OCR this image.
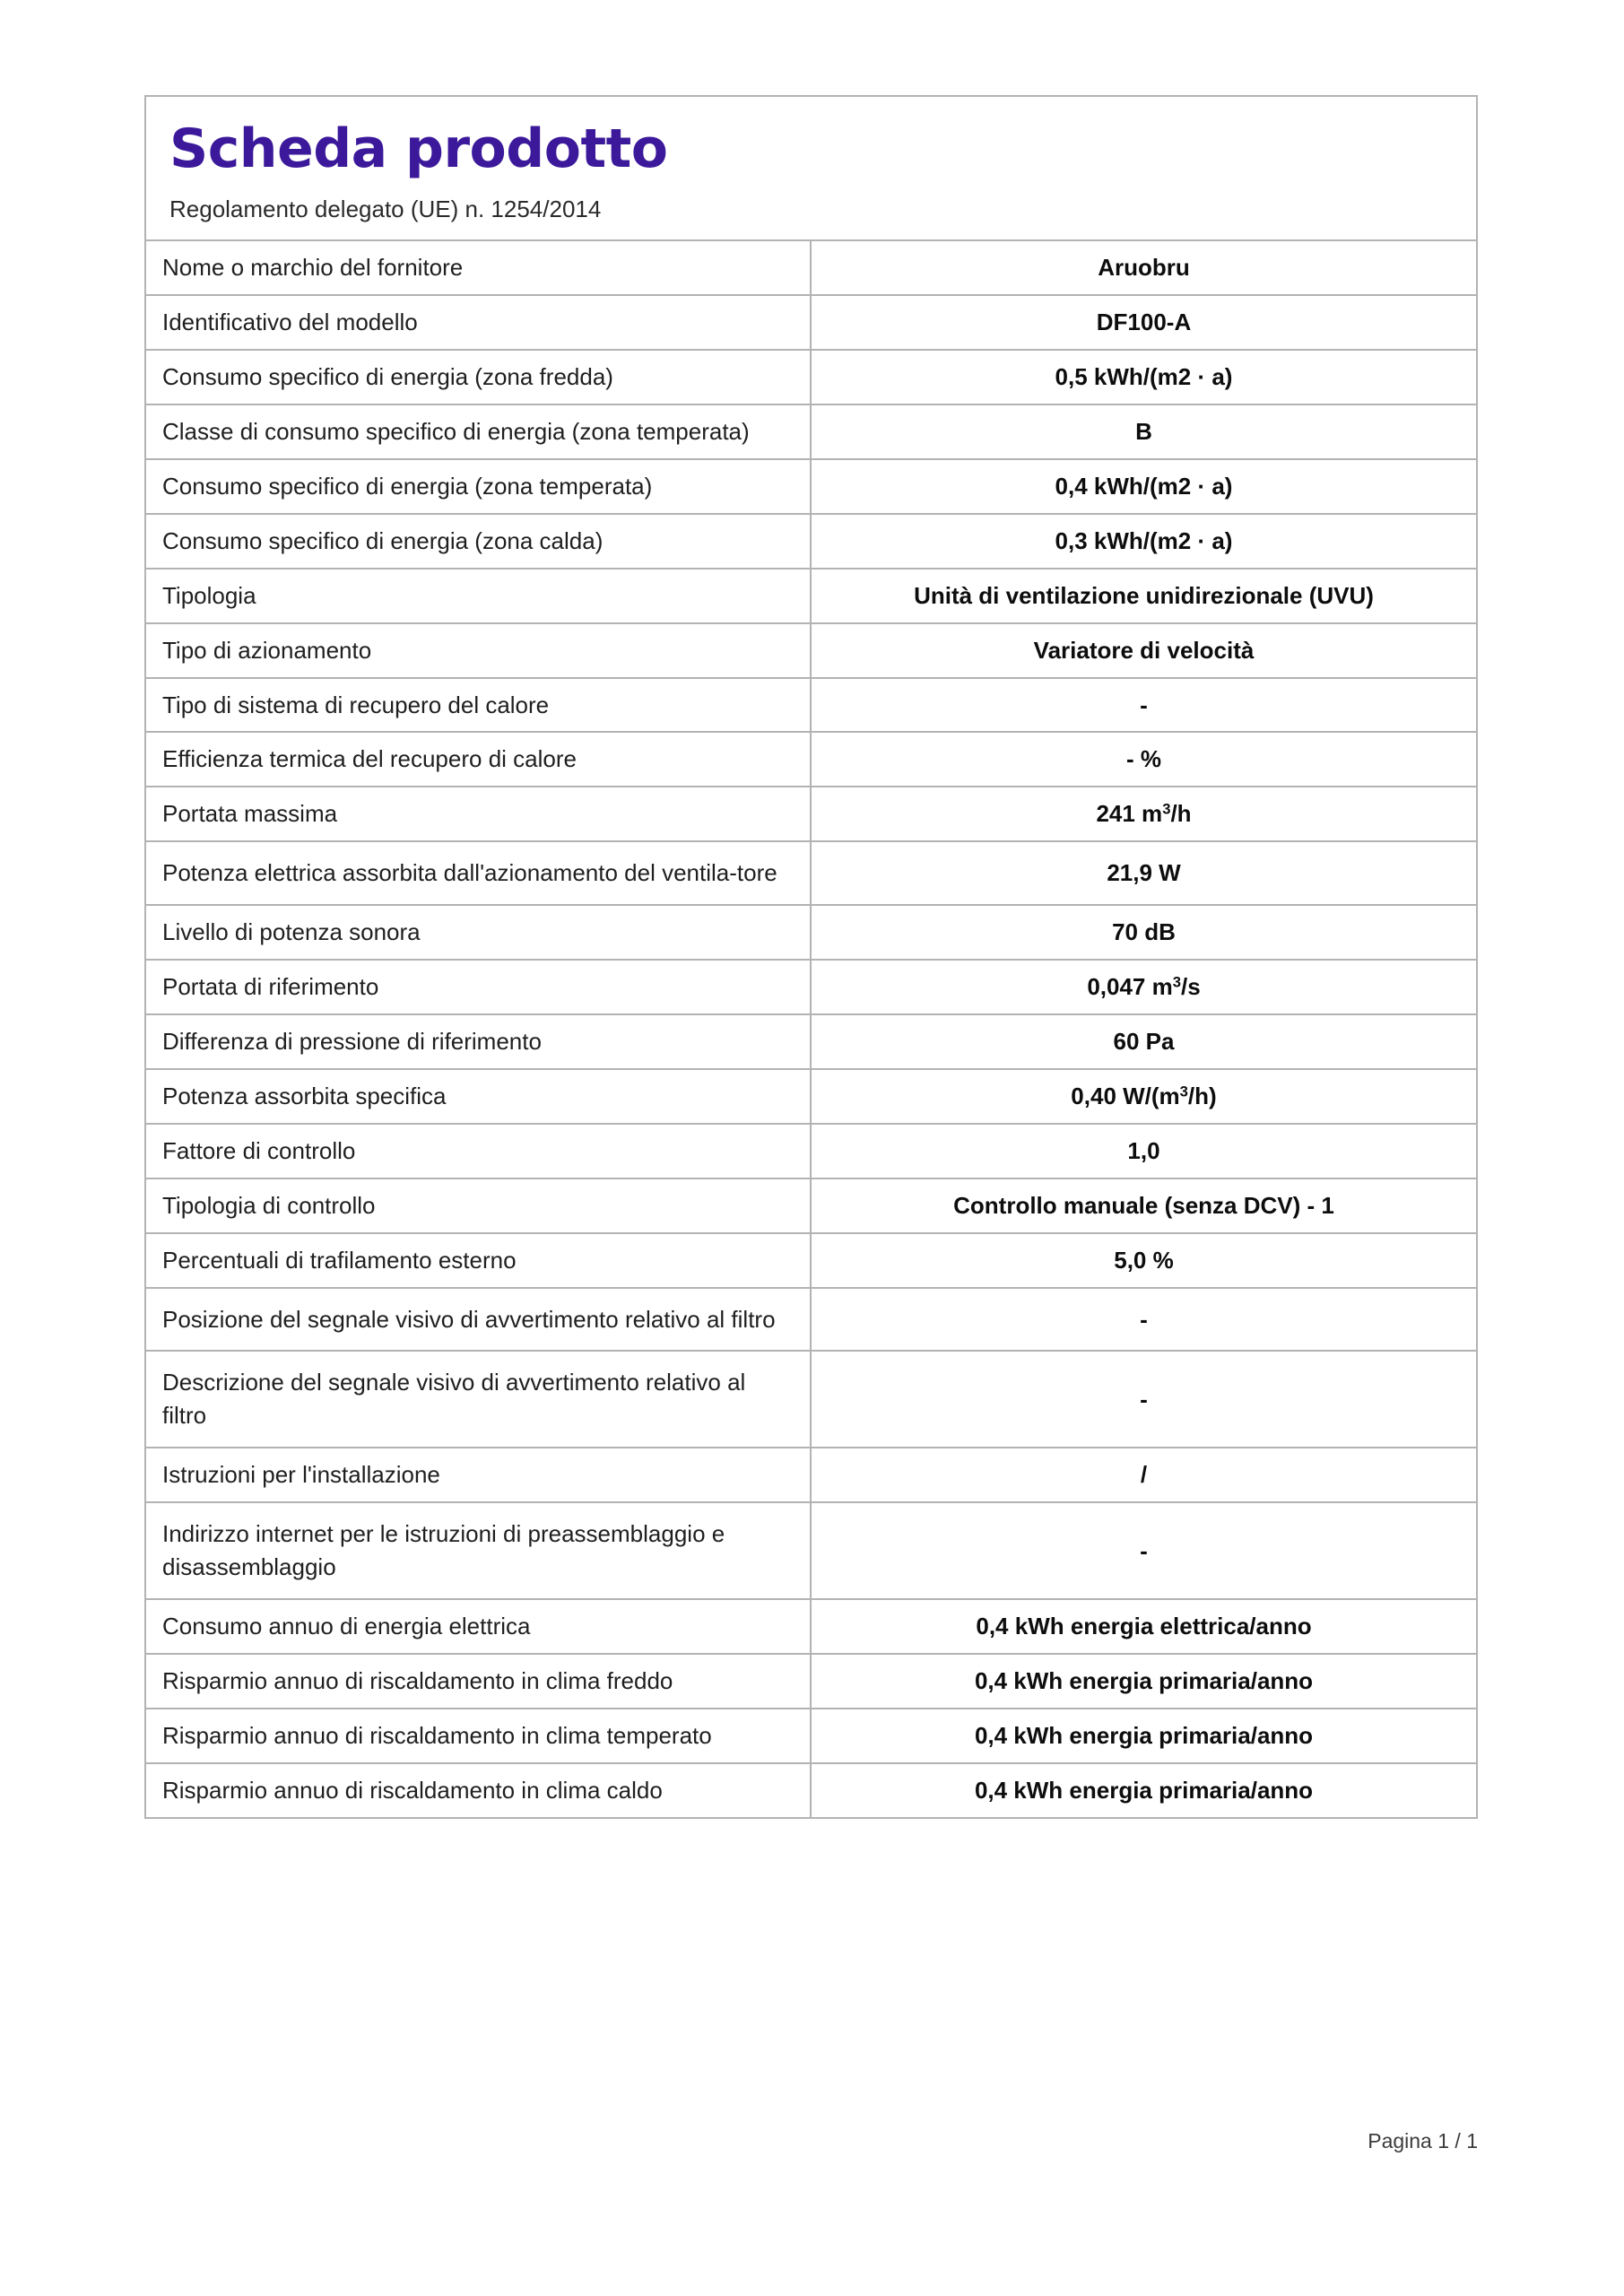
Scheda prodotto

Regolamento delegato (UE) n. 1254/2014

Nome o marchio del fornitore	Aruobru
Identificativo del modello	DF100-A
Consumo specifico di energia (zona fredda)	0,5 kWh/(m2 · a)
Classe di consumo specifico di energia (zona temperata)	B
Consumo specifico di energia (zona temperata)	0,4 kWh/(m2 · a)
Consumo specifico di energia (zona calda)	0,3 kWh/(m2 · a)
Tipologia	Unità di ventilazione unidirezionale (UVU)
Tipo di azionamento	Variatore di velocità
Tipo di sistema di recupero del calore	-
Efficienza termica del recupero di calore	- %
Portata massima	241 $m^3/h$
Potenza elettrica assorbita dall'azionamento del ventila-tore	21,9 W
Livello di potenza sonora	70 dB
Portata di riferimento	0,047 $m^3/s$
Differenza di pressione di riferimento	60 Pa
Potenza assorbita specifica	0,40 $W/(m^3/h)$
Fattore di controllo	1,0
Tipologia di controllo	Controllo manuale (senza DCV) - 1
Percentuali di trafilamento esterno	5,0 %
Posizione del segnale visivo di avvertimento relativo al filtro	-
Descrizione del segnale visivo di avvertimento relativo al filtro	-
Istruzioni per l'installazione	/
Indirizzo internet per le istruzioni di preassemblaggio e disassemblaggio	-
Consumo annuo di energia elettrica	0,4 kWh energia elettrica/anno
Risparmio annuo di riscaldamento in clima freddo	0,4 kWh energia primaria/anno
Risparmio annuo di riscaldamento in clima temperato	0,4 kWh energia primaria/anno
Risparmio annuo di riscaldamento in clima caldo	0,4 kWh energia primaria/anno
Pagina 1 / 1
